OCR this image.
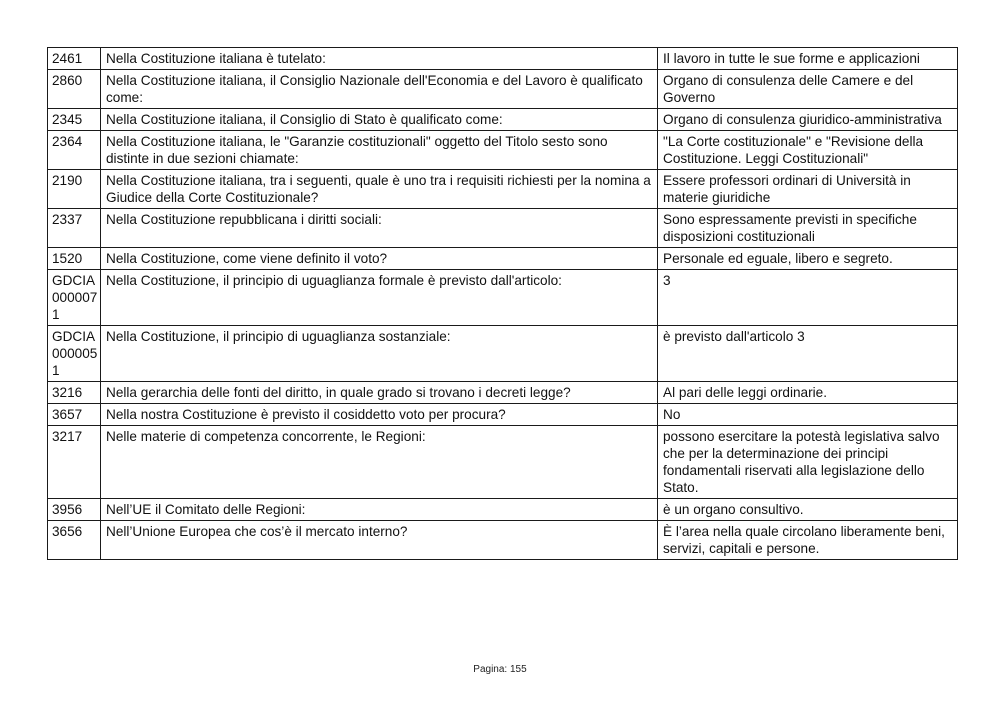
2461	Nella Costituzione italiana è tutelato:	Il lavoro in tutte le sue forme e applicazioni
2860	Nella Costituzione italiana, il Consiglio Nazionale dell'Economia e del Lavoro è qualificato come:	Organo di consulenza delle Camere e del Governo
2345	Nella Costituzione italiana, il Consiglio di Stato è qualificato come:	Organo di consulenza giuridico-amministrativa
2364	Nella Costituzione italiana, le "Garanzie costituzionali" oggetto del Titolo sesto sono distinte in due sezioni chiamate:	"La Corte costituzionale" e "Revisione della Costituzione. Leggi Costituzionali"
2190	Nella Costituzione italiana, tra i seguenti, quale è uno tra i requisiti richiesti per la nomina a Giudice della Corte Costituzionale?	Essere professori ordinari di Università in materie giuridiche
2337	Nella Costituzione repubblicana i diritti sociali:	Sono espressamente previsti in specifiche disposizioni costituzionali
1520	Nella Costituzione, come viene definito il voto?	Personale ed eguale, libero e segreto.
GDCIA0000071	Nella Costituzione, il principio di uguaglianza formale è previsto dall'articolo:	3
GDCIA0000051	Nella Costituzione, il principio di uguaglianza sostanziale:	è previsto dall'articolo 3
3216	Nella gerarchia delle fonti del diritto, in quale grado si trovano i decreti legge?	Al pari delle leggi ordinarie.
3657	Nella nostra Costituzione è previsto il cosiddetto voto per procura?	No
3217	Nelle materie di competenza concorrente, le Regioni:	possono esercitare la potestà legislativa salvo che per la determinazione dei principi fondamentali riservati alla legislazione dello Stato.
3956	Nell’UE il Comitato delle Regioni:	è un organo consultivo.
3656	Nell’Unione Europea che cos’è il mercato interno?	È l’area nella quale circolano liberamente beni, servizi, capitali e persone.
Pagina: 155
